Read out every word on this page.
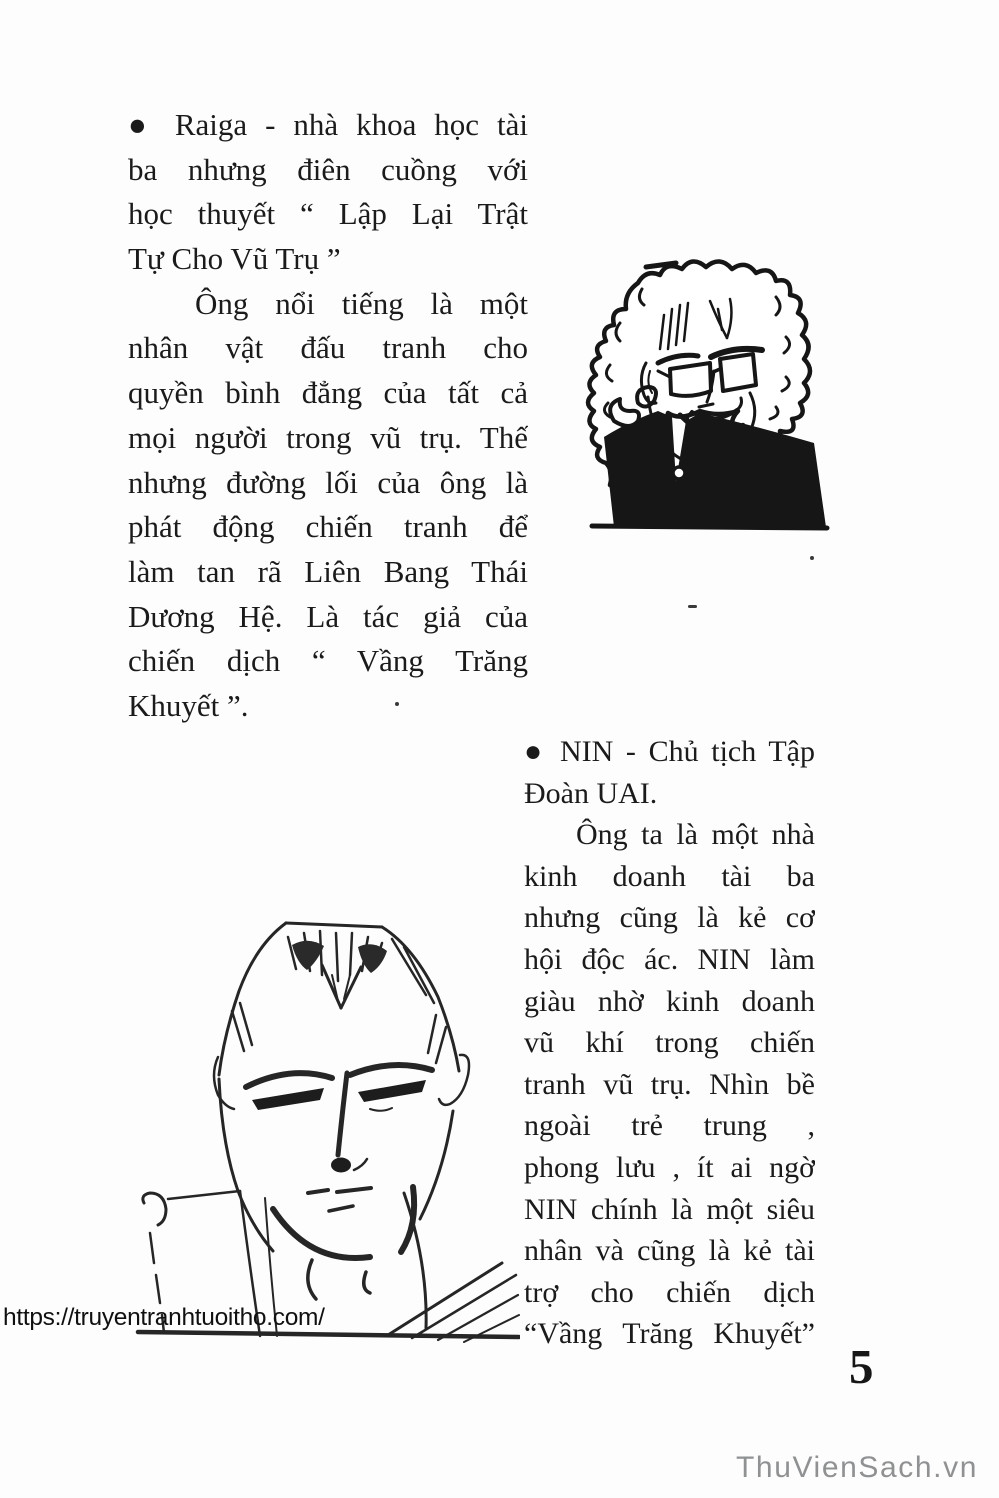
● Raiga - nhà khoa học tài
ba nhưng điên cuồng với
học thuyết “ Lập Lại Trật
Tự Cho Vũ Trụ ”
Ông nổi tiếng là một
nhân vật đấu tranh cho
quyền bình đẳng của tất cả
mọi người trong vũ trụ. Thế
nhưng đường lối của ông là
phát động chiến tranh để
làm tan rã Liên Bang Thái
Dương Hệ. Là tác giả của
chiến dịch “ Vầng Trăng
Khuyết ”.
● NIN - Chủ tịch Tập
Đoàn UAI.
Ông ta là một nhà
kinh doanh tài ba
nhưng cũng là kẻ cơ
hội độc ác. NIN làm
giàu nhờ kinh doanh
vũ khí trong chiến
tranh vũ trụ. Nhìn bề
ngoài trẻ trung ,
phong lưu , ít ai ngờ
NIN chính là một siêu
nhân và cũng là kẻ tài
trợ cho chiến dịch
“Vầng Trăng Khuyết”
https://truyentranhtuoitho.com/
5
ThuVienSach.vn
